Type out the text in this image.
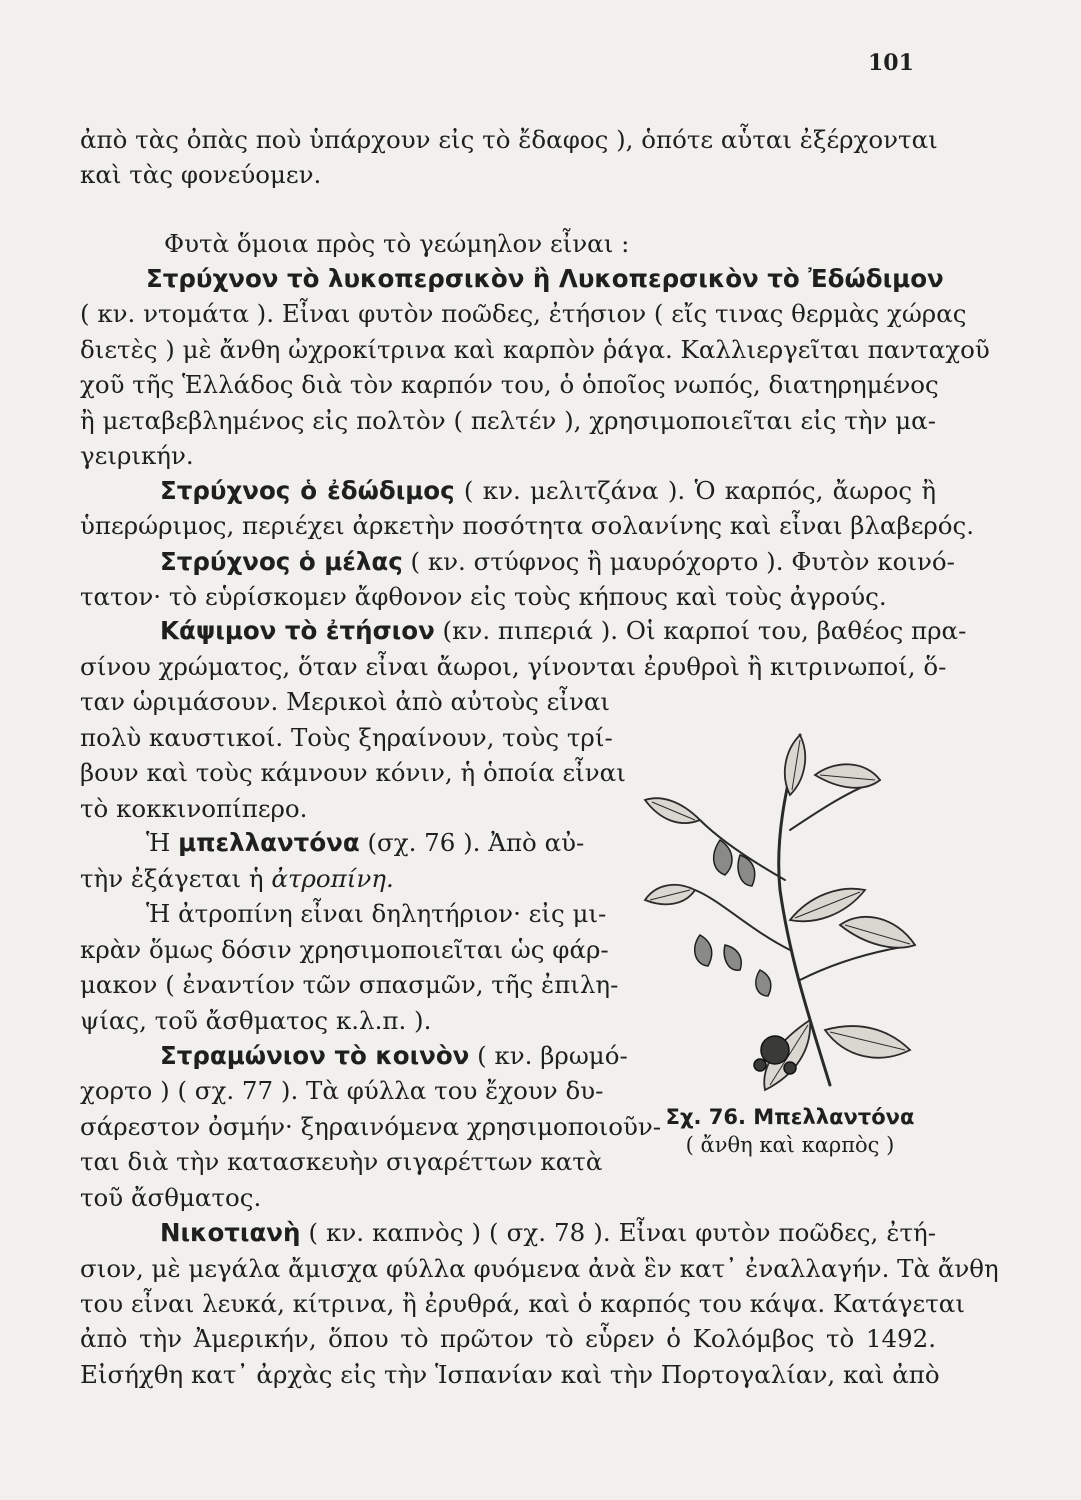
101
ἀπὸ τὰς ὀπὰς ποὺ ὑπάρχουν εἰς τὸ ἔδαφος ), ὁπότε αὗται ἐξέρχονται
καὶ τὰς φονεύομεν.
Φυτὰ ὅμοια πρὸς τὸ γεώμηλον εἶναι :
Στρύχνον τὸ λυκοπερσικὸν ἢ Λυκοπερσικὸν τὸ Ἐδώδιμον
( κν. ντομάτα ). Εἶναι φυτὸν ποῶδες, ἐτήσιον ( εἴς τινας θερμὰς χώρας
διετὲς ) μὲ ἄνθη ὠχροκίτρινα καὶ καρπὸν ῥάγα. Καλλιεργεῖται πανταχοῦ
χοῦ τῆς Ἑλλάδος διὰ τὸν καρπόν του, ὁ ὁποῖος νωπός, διατηρημένος
ἢ μεταβεβλημένος εἰς πολτὸν ( πελτέν ), χρησιμοποιεῖται εἰς τὴν μα-
γειρικήν.
Στρύχνος ὁ ἐδώδιμος ( κν. μελιτζάνα ). Ὁ καρπός, ἄωρος ἢ
ὑπερώριμος, περιέχει ἀρκετὴν ποσότητα σολανίνης καὶ εἶναι βλαβερός.
Στρύχνος ὁ μέλας ( κν. στύφνος ἢ μαυρόχορτο ). Φυτὸν κοινό-
τατον· τὸ εὑρίσκομεν ἄφθονον εἰς τοὺς κήπους καὶ τοὺς ἀγρούς.
Κάψιμον τὸ ἐτήσιον (κν. πιπεριά ). Οἱ καρποί του, βαθέος πρα-
σίνου χρώματος, ὅταν εἶναι ἄωροι, γίνονται ἐρυθροὶ ἢ κιτρινωποί, ὅ-
ταν ὡριμάσουν. Μερικοὶ ἀπὸ αὐτοὺς εἶναι
πολὺ καυστικοί. Τοὺς ξηραίνουν, τοὺς τρί-
βουν καὶ τοὺς κάμνουν κόνιν, ἡ ὁποία εἶναι
τὸ κοκκινοπίπερο.
Ἡ μπελλαντόνα (σχ. 76 ). Ἀπὸ αὐ-
τὴν ἐξάγεται ἡ ἀτροπίνη.
Ἡ ἀτροπίνη εἶναι δηλητήριον· εἰς μι-
κρὰν ὅμως δόσιν χρησιμοποιεῖται ὡς φάρ-
μακον ( ἐναντίον τῶν σπασμῶν, τῆς ἐπιλη-
ψίας, τοῦ ἄσθματος κ.λ.π. ).
Στραμώνιον τὸ κοινὸν ( κν. βρωμό-
χορτο ) ( σχ. 77 ). Τὰ φύλλα του ἔχουν δυ-
σάρεστον ὀσμήν· ξηραινόμενα χρησιμοποιοῦν-
ται διὰ τὴν κατασκευὴν σιγαρέττων κατὰ
τοῦ ἄσθματος.
Νικοτιανὴ ( κν. καπνὸς ) ( σχ. 78 ). Εἶναι φυτὸν ποῶδες, ἐτή-
σιον, μὲ μεγάλα ἄμισχα φύλλα φυόμενα ἀνὰ ἓν κατ᾽ ἐναλλαγήν. Τὰ ἄνθη
του εἶναι λευκά, κίτρινα, ἢ ἐρυθρά, καὶ ὁ καρπός του κάψα. Κατάγεται
ἀπὸ τὴν Ἀμερικήν, ὅπου τὸ πρῶτον τὸ εὗρεν ὁ Κολόμβος τὸ 1492.
Εἰσήχθη κατ᾽ ἀρχὰς εἰς τὴν Ἱσπανίαν καὶ τὴν Πορτογαλίαν, καὶ ἀπὸ
Σχ. 76. Μπελλαντόνα
( ἄνθη καὶ καρπὸς )
